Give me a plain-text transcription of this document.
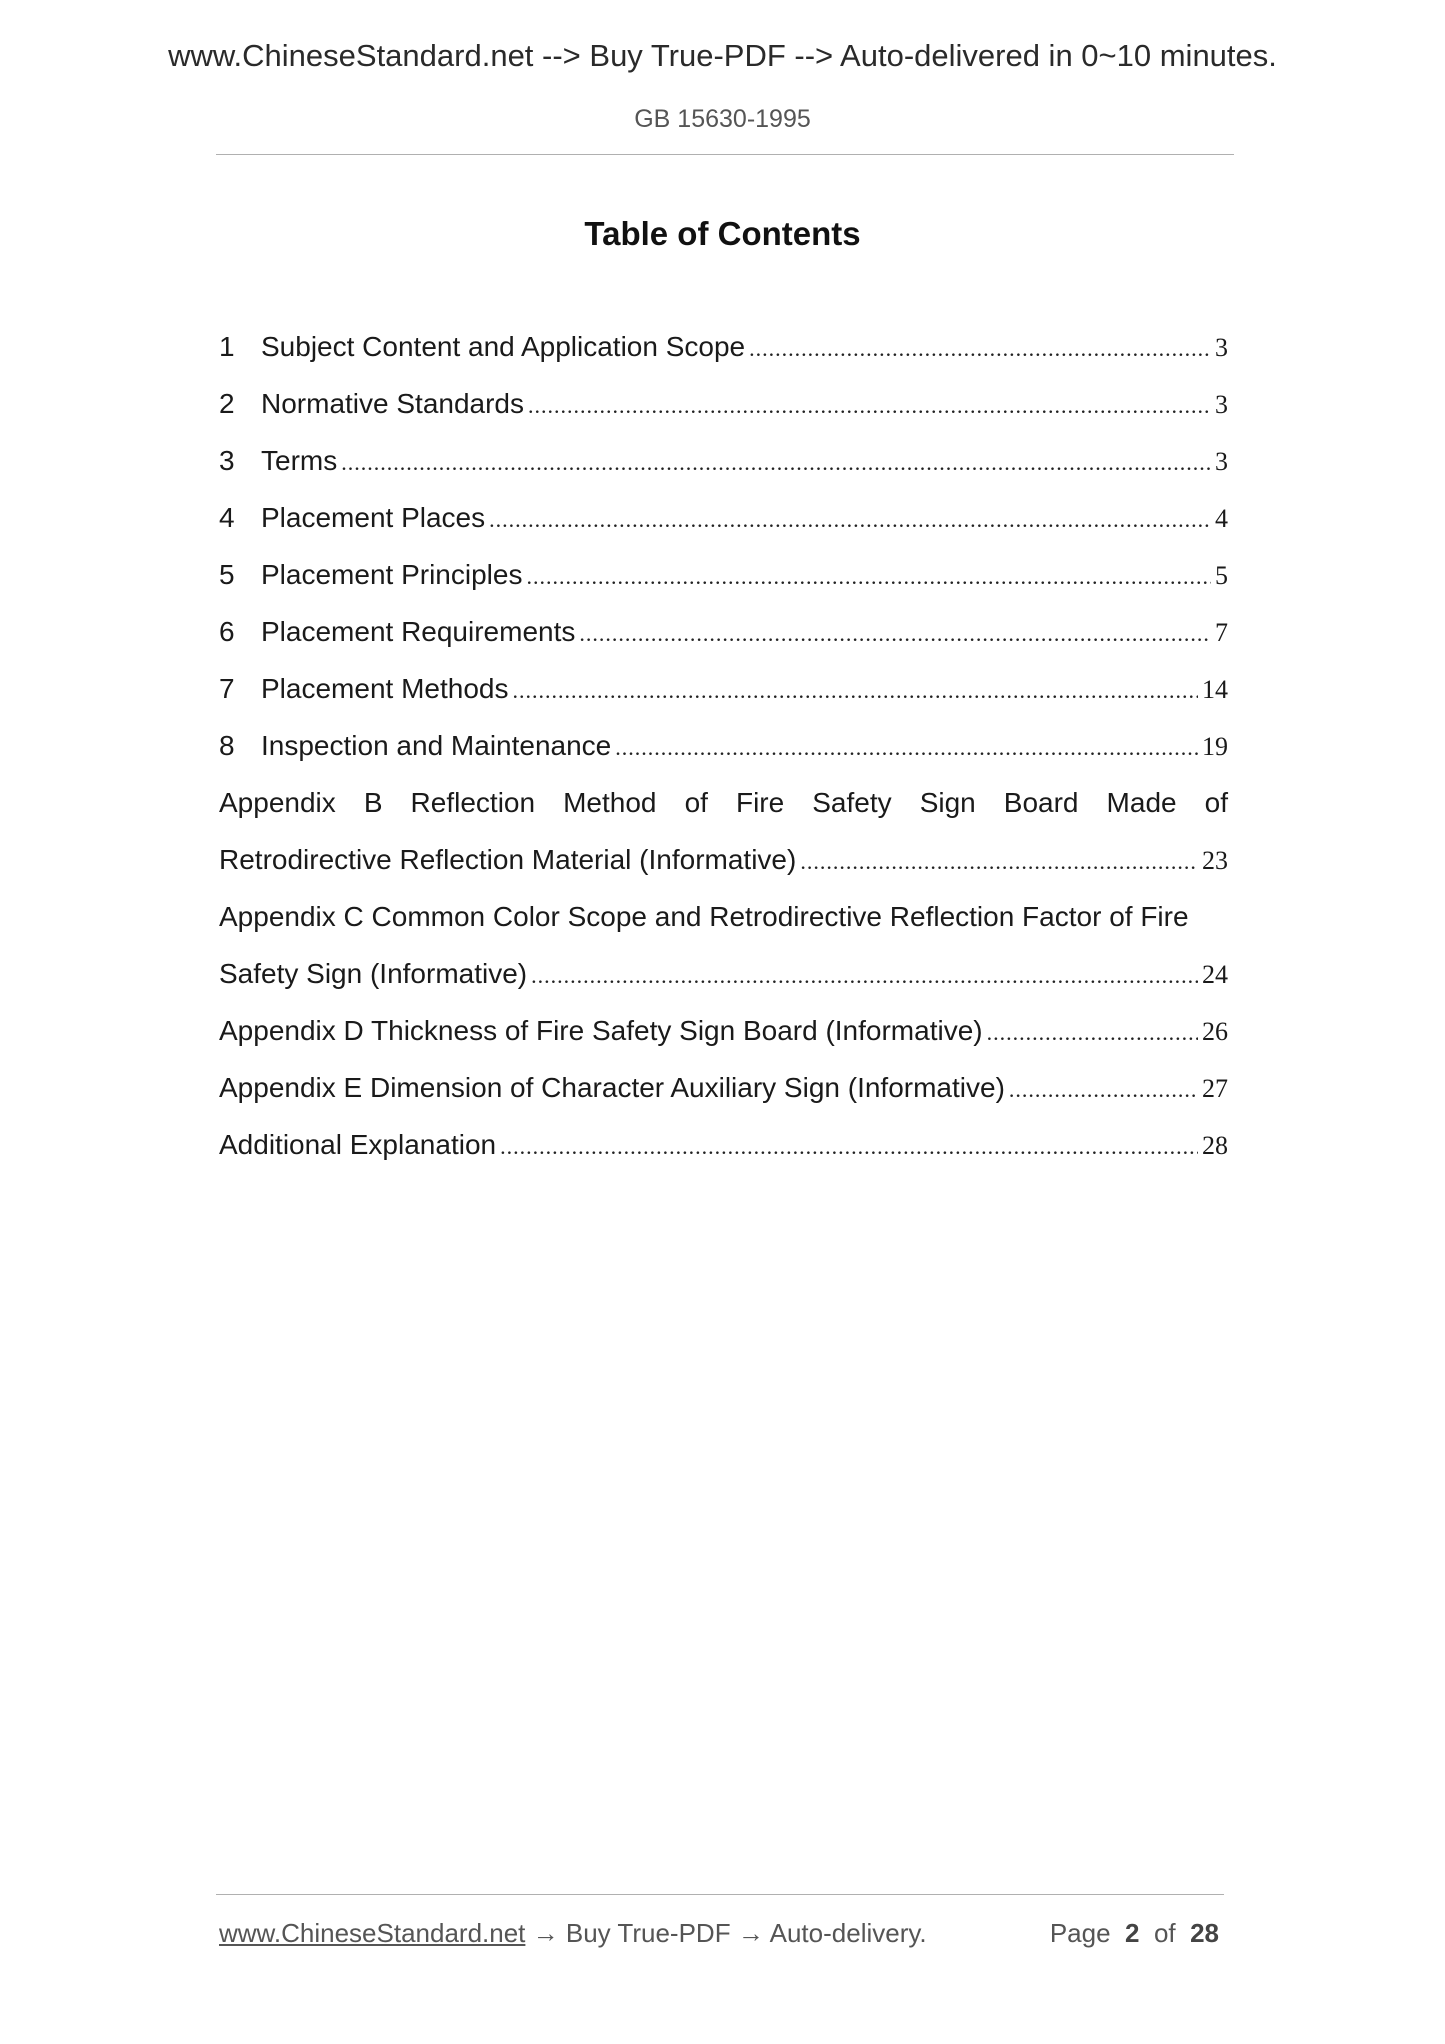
www.ChineseStandard.net --> Buy True-PDF --> Auto-delivered in 0~10 minutes.
GB 15630-1995
Table of Contents
1 Subject Content and Application Scope .....	3
2 Normative Standards .....	3
3 Terms .....	3
4 Placement Places .....	4
5 Placement Principles .....	5
6 Placement Requirements .....	7
7 Placement Methods .....	14
8 Inspection and Maintenance .....	19
Appendix B Reflection Method of Fire Safety Sign Board Made of
Retrodirective Reflection Material (Informative) .....	23
Appendix C Common Color Scope and Retrodirective Reflection Factor of Fire
Safety Sign (Informative) .....	24
Appendix D Thickness of Fire Safety Sign Board (Informative) .....	26
Appendix E Dimension of Character Auxiliary Sign (Informative) .....	27
Additional Explanation .....	28
www.ChineseStandard.net → Buy True-PDF → Auto-delivery.	Page 2 of 28
